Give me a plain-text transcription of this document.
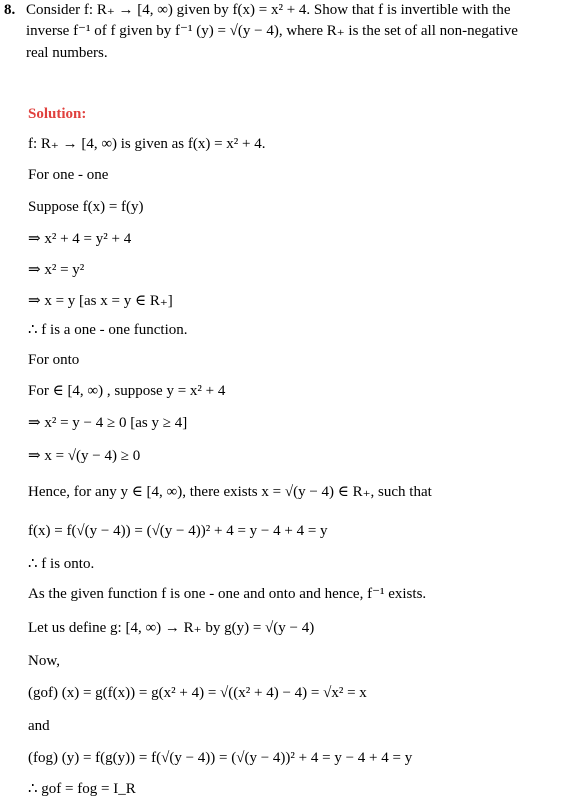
8. Consider f: R₊ → [4, ∞) given by f(x) = x² + 4. Show that f is invertible with the
inverse f⁻¹ of f given by f⁻¹ (y) = √(y − 4), where R₊ is the set of all non-negative
real numbers.
Solution:
f: R₊ → [4, ∞) is given as f(x) = x² + 4.
For one - one
Suppose f(x) = f(y)
⇒ x² + 4 = y² + 4
⇒ x² = y²
⇒ x = y [as x = y ∈ R₊]
∴ f is a one - one function.
For onto
For ∈ [4, ∞) , suppose y = x² + 4
⇒ x² = y − 4 ≥ 0 [as y ≥ 4]
⇒ x = √(y − 4) ≥ 0
Hence, for any y ∈ [4, ∞), there exists x = √(y − 4) ∈ R₊, such that
f(x) = f(√(y − 4)) = (√(y − 4))² + 4 = y − 4 + 4 = y
∴ f is onto.
As the given function f is one - one and onto and hence, f⁻¹ exists.
Let us define g: [4, ∞) → R₊ by g(y) = √(y − 4)
Now,
(gof) (x) = g(f(x)) = g(x² + 4) = √((x² + 4) − 4) = √x² = x
and
(fog) (y) = f(g(y)) = f(√(y − 4)) = (√(y − 4))² + 4 = y − 4 + 4 = y
∴ gof = fog = I_R
